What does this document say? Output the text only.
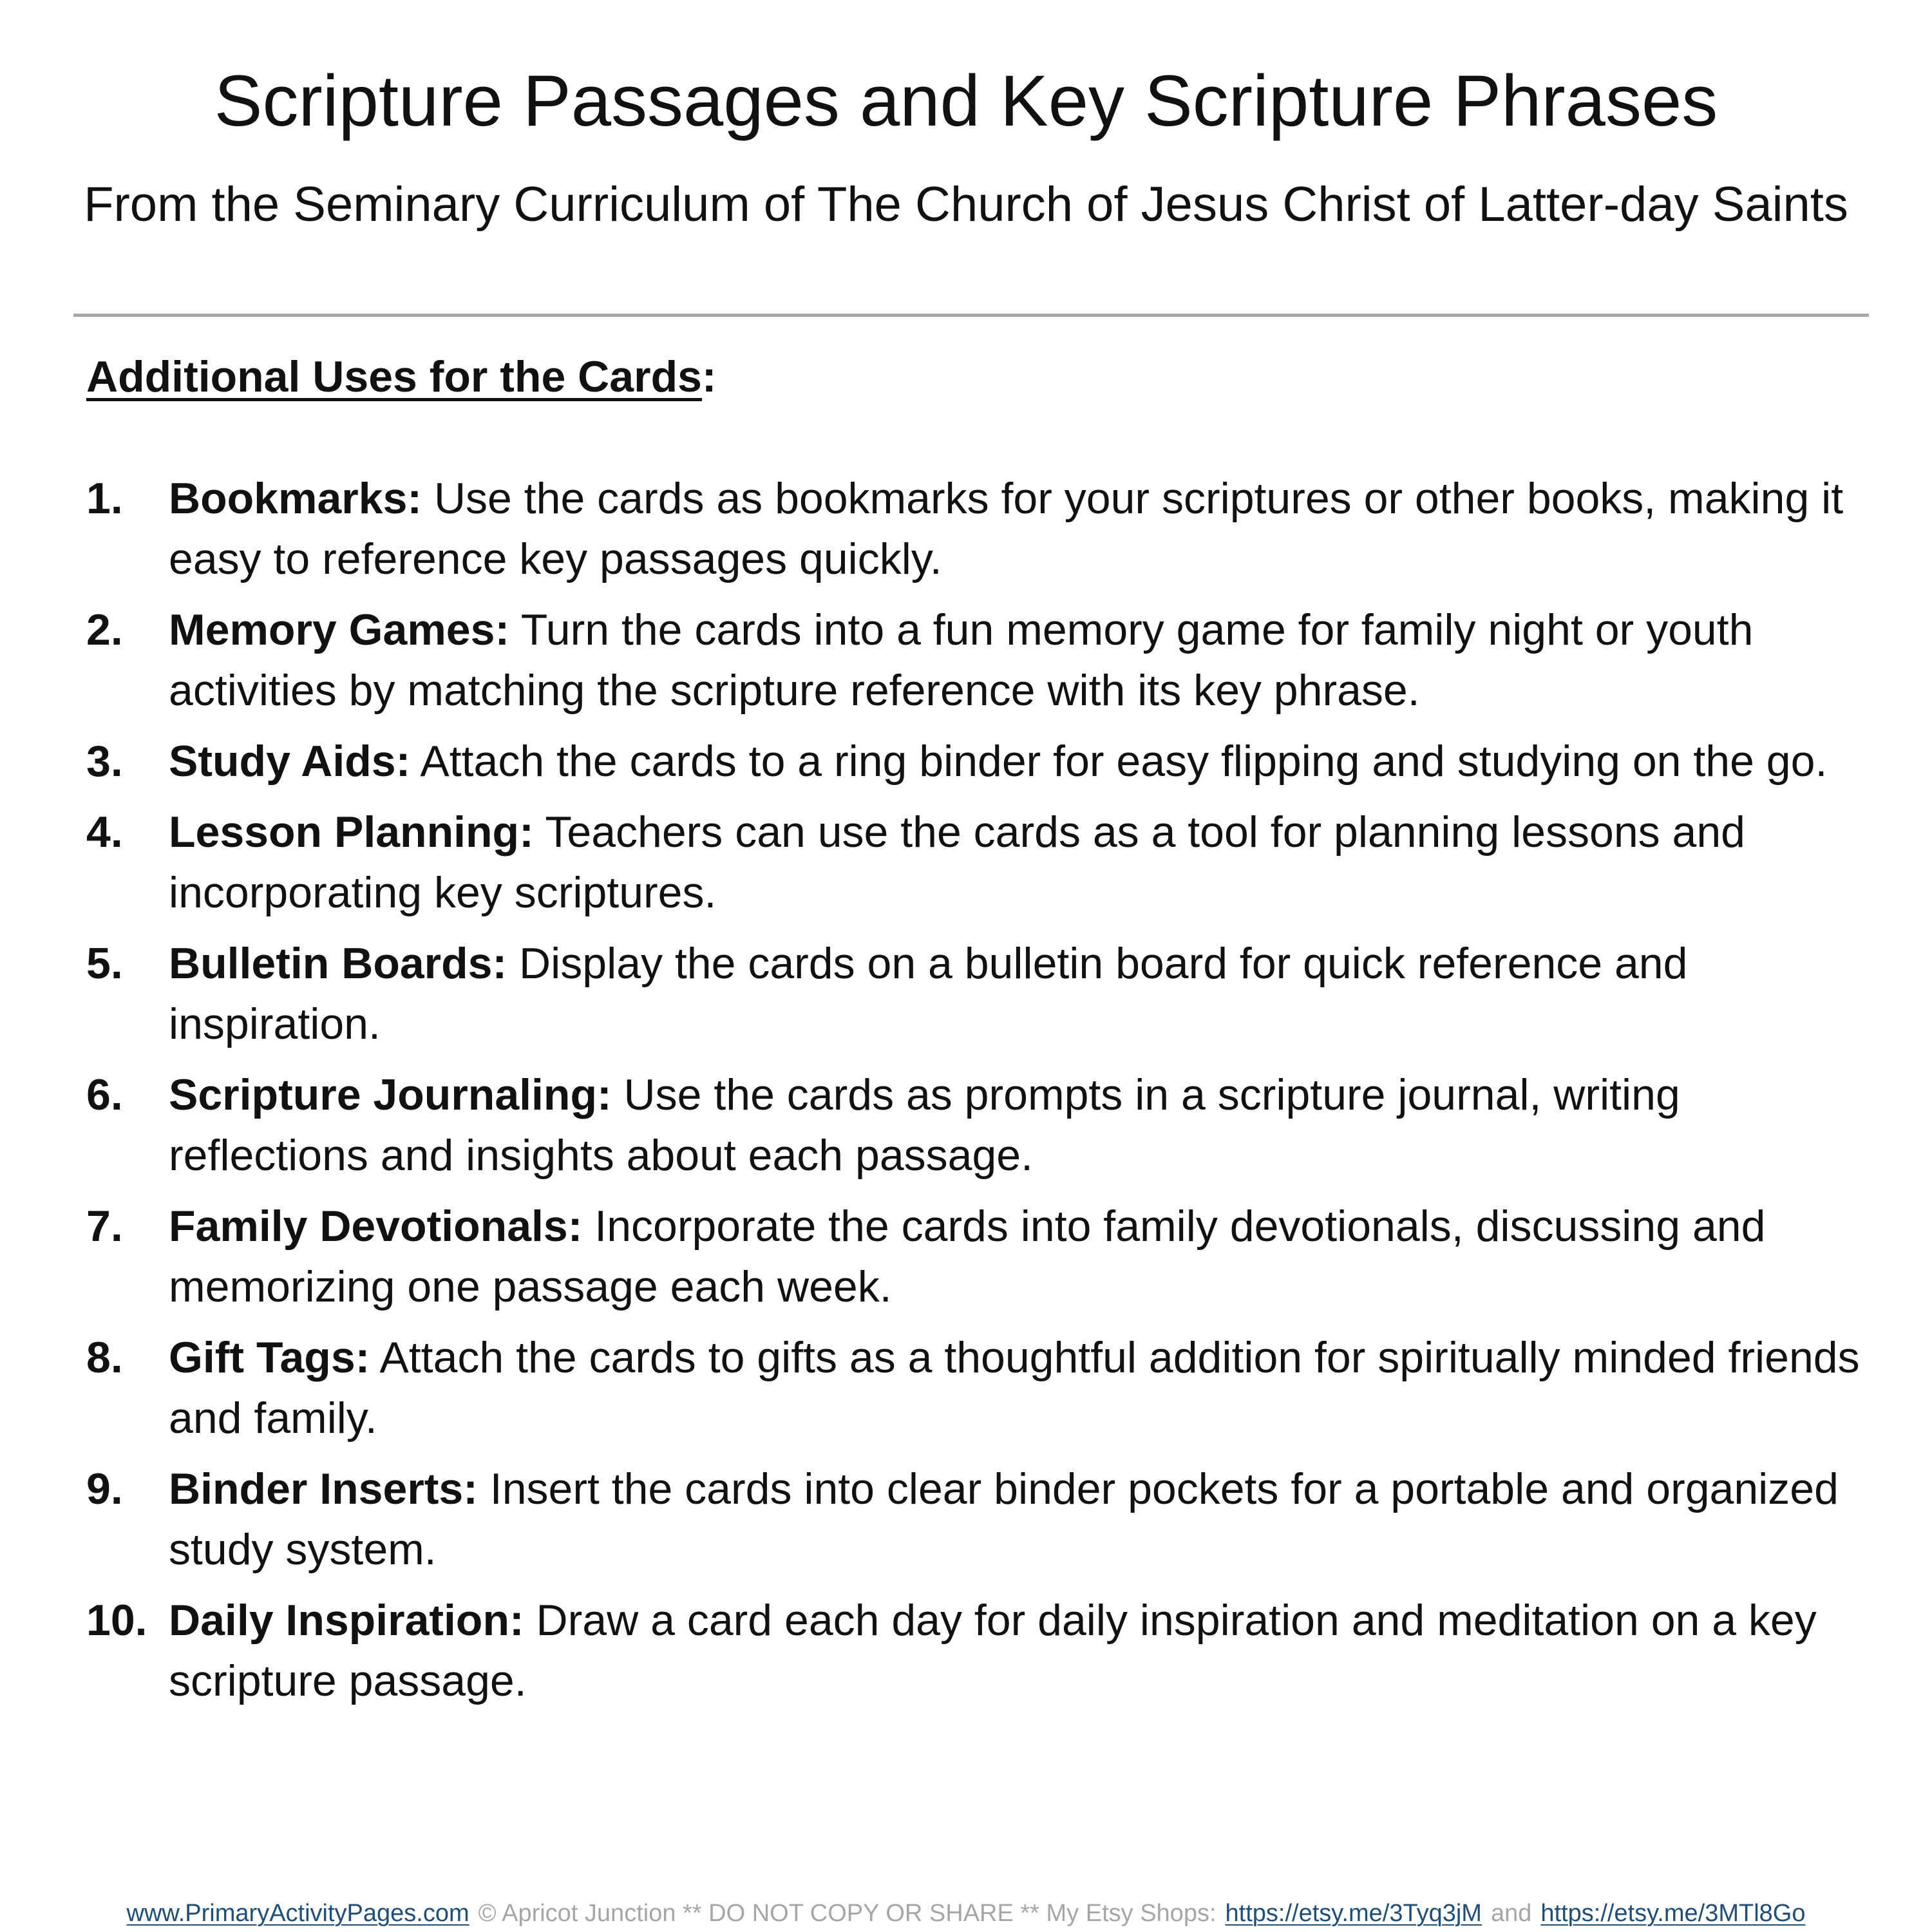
Scripture Passages and Key Scripture Phrases
From the Seminary Curriculum of The Church of Jesus Christ of Latter-day Saints
Additional Uses for the Cards:
1. Bookmarks: Use the cards as bookmarks for your scriptures or other books, making it easy to reference key passages quickly.
2. Memory Games: Turn the cards into a fun memory game for family night or youth activities by matching the scripture reference with its key phrase.
3. Study Aids: Attach the cards to a ring binder for easy flipping and studying on the go.
4. Lesson Planning: Teachers can use the cards as a tool for planning lessons and incorporating key scriptures.
5. Bulletin Boards: Display the cards on a bulletin board for quick reference and inspiration.
6. Scripture Journaling: Use the cards as prompts in a scripture journal, writing reflections and insights about each passage.
7. Family Devotionals: Incorporate the cards into family devotionals, discussing and memorizing one passage each week.
8. Gift Tags: Attach the cards to gifts as a thoughtful addition for spiritually minded friends and family.
9. Binder Inserts: Insert the cards into clear binder pockets for a portable and organized study system.
10. Daily Inspiration: Draw a card each day for daily inspiration and meditation on a key scripture passage.
www.PrimaryActivityPages.com © Apricot Junction ** DO NOT COPY OR SHARE ** My Etsy Shops: https://etsy.me/3Tyq3jM and https://etsy.me/3MTl8Go
